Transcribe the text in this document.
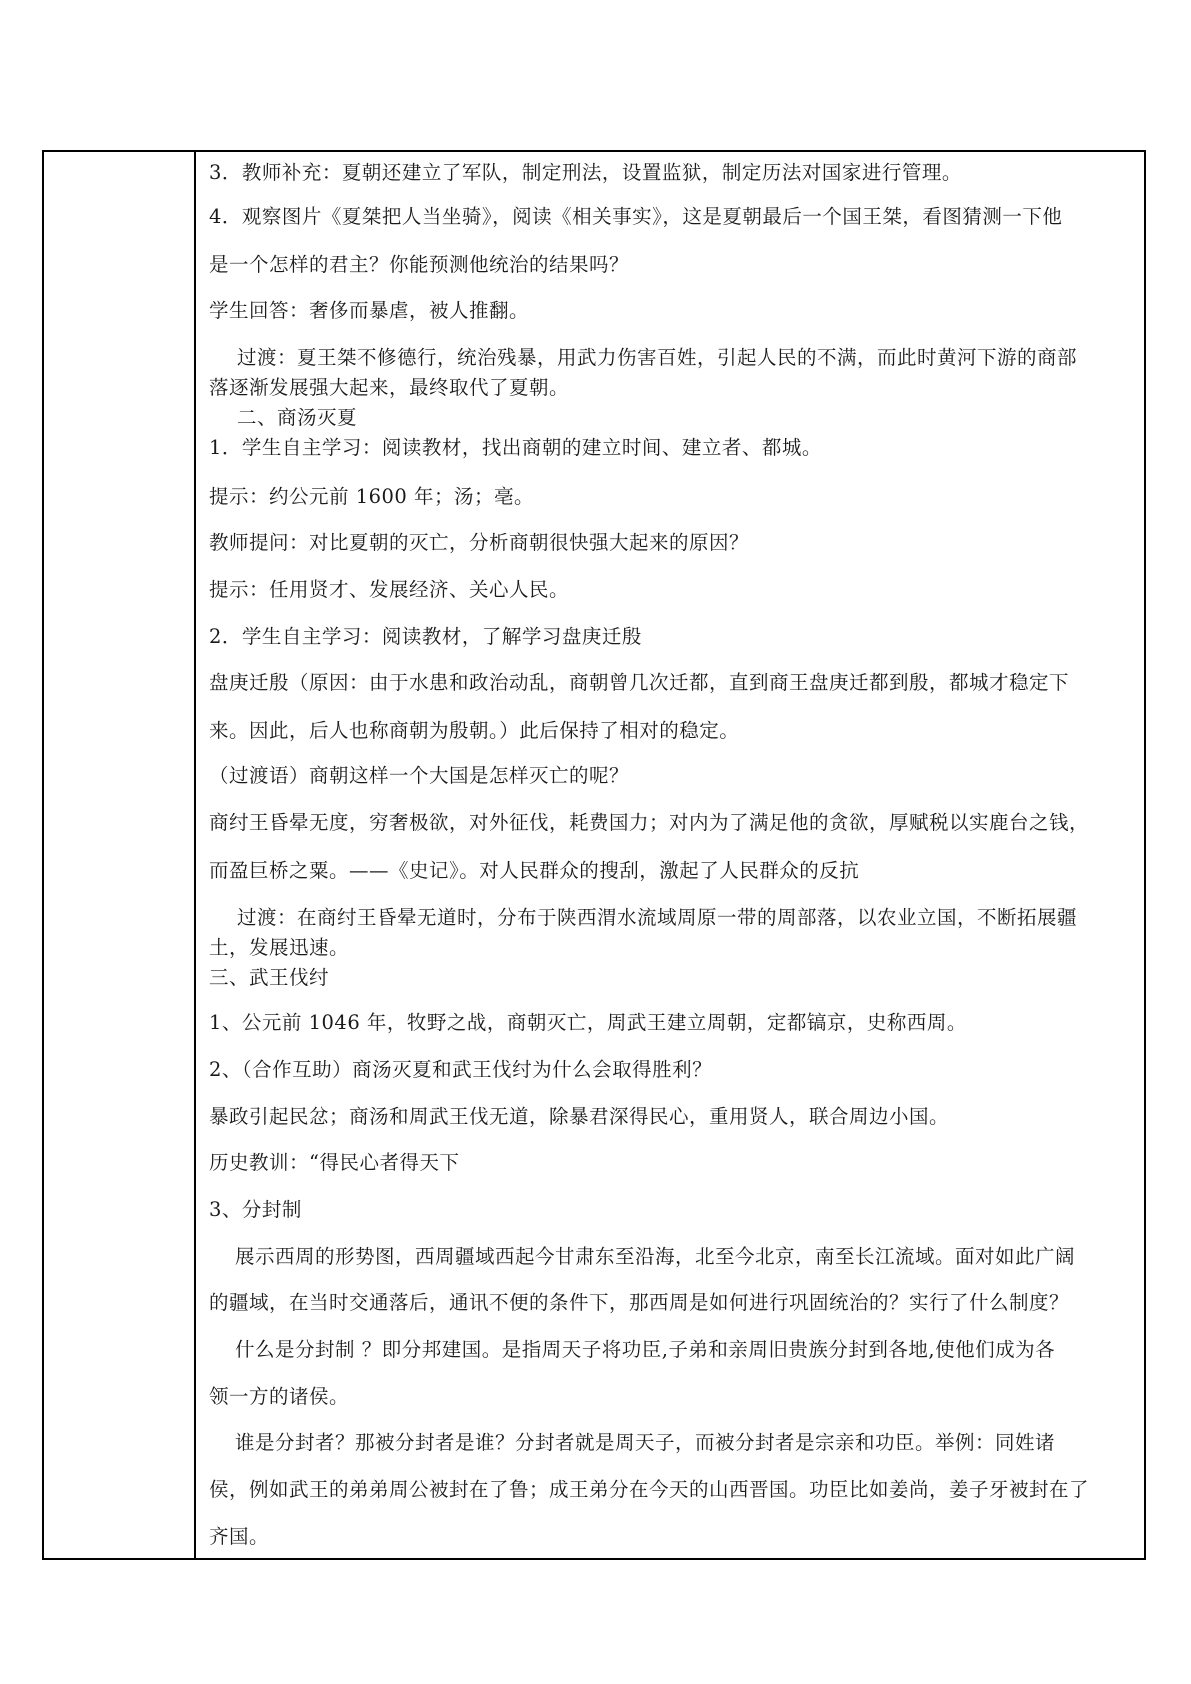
3．教师补充：夏朝还建立了军队，制定刑法，设置监狱，制定历法对国家进行管理。
4．观察图片《夏桀把人当坐骑》，阅读《相关事实》，这是夏朝最后一个国王桀，看图猜测一下他
是一个怎样的君主？你能预测他统治的结果吗？
学生回答：奢侈而暴虐，被人推翻。
过渡：夏王桀不修德行，统治残暴，用武力伤害百姓，引起人民的不满，而此时黄河下游的商部
落逐渐发展强大起来，最终取代了夏朝。
二、商汤灭夏
1．学生自主学习：阅读教材，找出商朝的建立时间、建立者、都城。
提示：约公元前 1600 年；汤；亳。
教师提问：对比夏朝的灭亡，分析商朝很快强大起来的原因？
提示：任用贤才、发展经济、关心人民。
2．学生自主学习：阅读教材，了解学习盘庚迁殷
盘庚迁殷（原因：由于水患和政治动乱，商朝曾几次迁都，直到商王盘庚迁都到殷，都城才稳定下
来。因此，后人也称商朝为殷朝。）此后保持了相对的稳定。
（过渡语）商朝这样一个大国是怎样灭亡的呢？
商纣王昏晕无度，穷奢极欲，对外征伐，耗费国力；对内为了满足他的贪欲，厚赋税以实鹿台之钱，
而盈巨桥之粟。——《史记》。对人民群众的搜刮，激起了人民群众的反抗
过渡：在商纣王昏晕无道时，分布于陕西渭水流域周原一带的周部落，以农业立国，不断拓展疆
土，发展迅速。
三、武王伐纣
1、公元前 1046 年，牧野之战，商朝灭亡，周武王建立周朝，定都镐京，史称西周。
2、（合作互助）商汤灭夏和武王伐纣为什么会取得胜利？
暴政引起民忿；商汤和周武王伐无道，除暴君深得民心，重用贤人，联合周边小国。
历史教训：“得民心者得天下
3、分封制
展示西周的形势图，西周疆域西起今甘肃东至沿海，北至今北京，南至长江流域。面对如此广阔
的疆域，在当时交通落后，通讯不便的条件下，那西周是如何进行巩固统治的？实行了什么制度？
什么是分封制 ？即分邦建国。是指周天子将功臣,子弟和亲周旧贵族分封到各地,使他们成为各
领一方的诸侯。
谁是分封者？那被分封者是谁？分封者就是周天子，而被分封者是宗亲和功臣。举例：同姓诸
侯，例如武王的弟弟周公被封在了鲁；成王弟分在今天的山西晋国。功臣比如姜尚，姜子牙被封在了
齐国。
